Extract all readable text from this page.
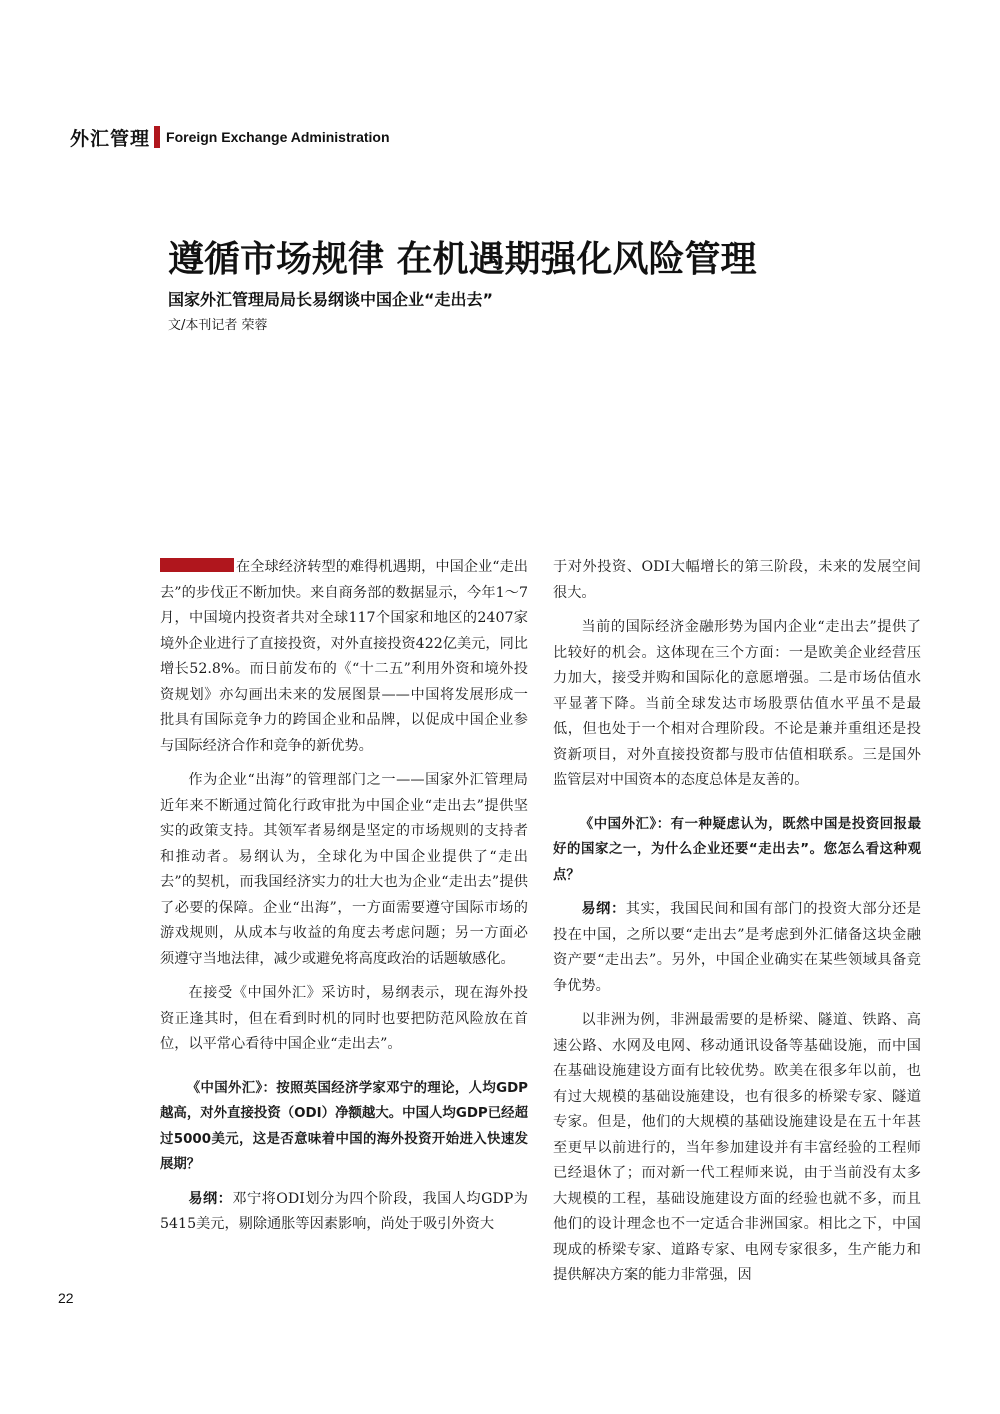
外汇管理 Foreign Exchange Administration
遵循市场规律 在机遇期强化风险管理
国家外汇管理局局长易纲谈中国企业“走出去”

文/本刊记者 荣蓉

在全球经济转型的难得机遇期，中国企业“走出去”的步伐正不断加快。来自商务部的数据显示，今年1～7月，中国境内投资者共对全球117个国家和地区的2407家境外企业进行了直接投资，对外直接投资422亿美元，同比增长52.8%。而日前发布的《“十二五”利用外资和境外投资规划》亦勾画出未来的发展图景——中国将发展形成一批具有国际竞争力的跨国企业和品牌，以促成中国企业参与国际经济合作和竞争的新优势。

作为企业“出海”的管理部门之一——国家外汇管理局近年来不断通过简化行政审批为中国企业“走出去”提供坚实的政策支持。其领军者易纲是坚定的市场规则的支持者和推动者。易纲认为，全球化为中国企业提供了“走出去”的契机，而我国经济实力的壮大也为企业“走出去”提供了必要的保障。企业“出海”，一方面需要遵守国际市场的游戏规则，从成本与收益的角度去考虑问题；另一方面必须遵守当地法律，减少或避免将高度政治的话题敏感化。

在接受《中国外汇》采访时，易纲表示，现在海外投资正逢其时，但在看到时机的同时也要把防范风险放在首位，以平常心看待中国企业“走出去”。

《中国外汇》：按照英国经济学家邓宁的理论，人均GDP越高，对外直接投资（ODI）净额越大。中国人均GDP已经超过5000美元，这是否意味着中国的海外投资开始进入快速发展期？

易纲：邓宁将ODI划分为四个阶段，我国人均GDP为5415美元，剔除通胀等因素影响，尚处于吸引外资大

于对外投资、ODI大幅增长的第三阶段，未来的发展空间很大。

当前的国际经济金融形势为国内企业“走出去”提供了比较好的机会。这体现在三个方面：一是欧美企业经营压力加大，接受并购和国际化的意愿增强。二是市场估值水平显著下降。当前全球发达市场股票估值水平虽不是最低，但也处于一个相对合理阶段。不论是兼并重组还是投资新项目，对外直接投资都与股市估值相联系。三是国外监管层对中国资本的态度总体是友善的。

《中国外汇》：有一种疑虑认为，既然中国是投资回报最好的国家之一，为什么企业还要“走出去”。您怎么看这种观点？

易纲：其实，我国民间和国有部门的投资大部分还是投在中国，之所以要“走出去”是考虑到外汇储备这块金融资产要“走出去”。另外，中国企业确实在某些领域具备竞争优势。

以非洲为例，非洲最需要的是桥梁、隧道、铁路、高速公路、水网及电网、移动通讯设备等基础设施，而中国在基础设施建设方面有比较优势。欧美在很多年以前，也有过大规模的基础设施建设，也有很多的桥梁专家、隧道专家。但是，他们的大规模的基础设施建设是在五十年甚至更早以前进行的，当年参加建设并有丰富经验的工程师已经退休了；而对新一代工程师来说，由于当前没有太多大规模的工程，基础设施建设方面的经验也就不多，而且他们的设计理念也不一定适合非洲国家。相比之下，中国现成的桥梁专家、道路专家、电网专家很多，生产能力和提供解决方案的能力非常强，因

22
